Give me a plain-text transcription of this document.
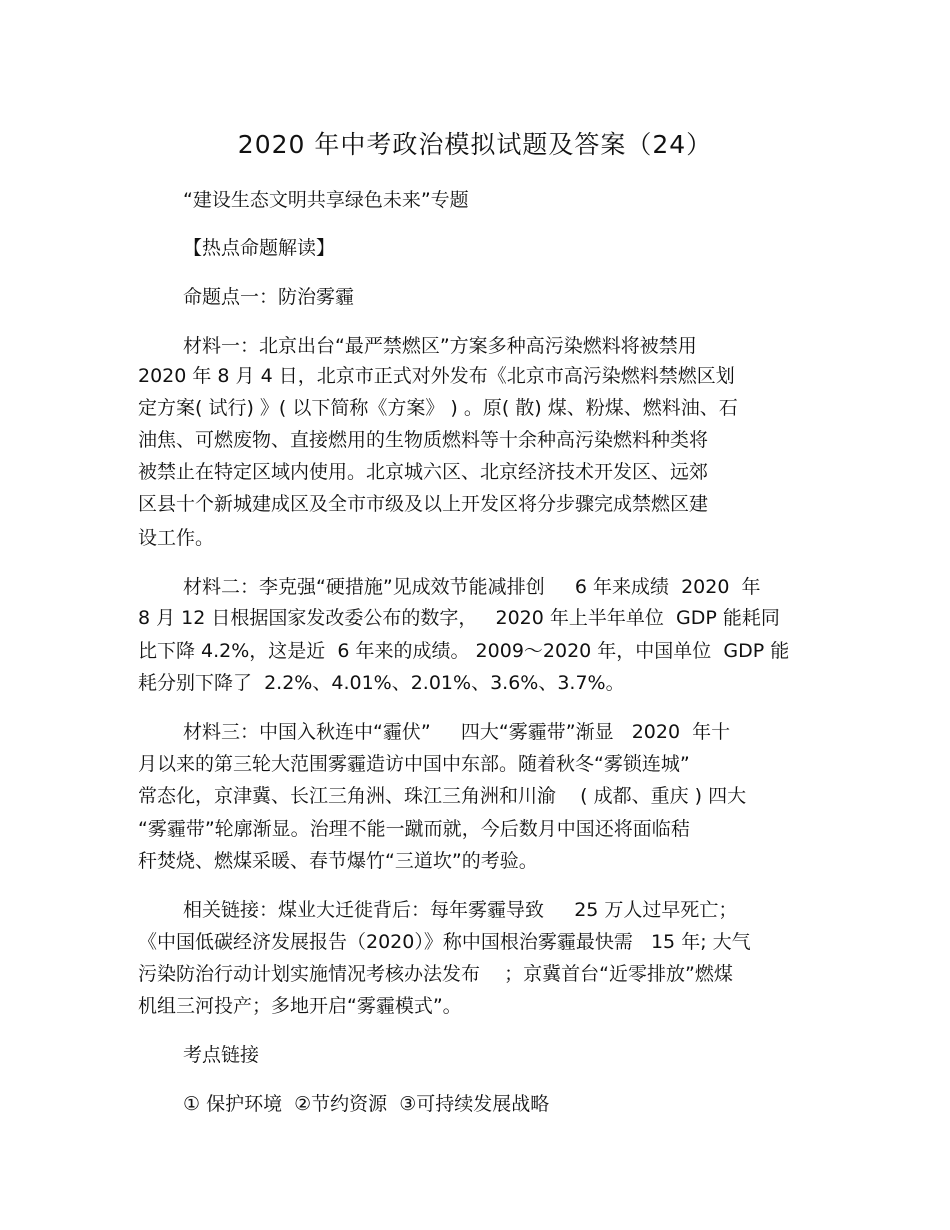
2020 年中考政治模拟试题及答案（24）
“建设生态文明共享绿色未来”专题
【热点命题解读】
命题点一：防治雾霾
材料一：北京出台“最严禁燃区”方案多种高污染燃料将被禁用
2020 年 8 月 4 日，北京市正式对外发布《北京市高污染燃料禁燃区划
定方案( 试行) 》( 以下简称《方案》 ) 。原( 散) 煤、粉煤、燃料油、石
油焦、可燃废物、直接燃用的生物质燃料等十余种高污染燃料种类将
被禁止在特定区域内使用。北京城六区、北京经济技术开发区、远郊
区县十个新城建成区及全市市级及以上开发区将分步骤完成禁燃区建
设工作。
材料二：李克强“硬措施”见成效节能减排创     6 年来成绩  2020  年
8 月 12 日根据国家发改委公布的数字，   2020 年上半年单位  GDP 能耗同
比下降 4.2%，这是近  6 年来的成绩。 2009～2020 年，中国单位  GDP 能
耗分别下降了  2.2%、4.01%、2.01%、3.6%、3.7%。
材料三：中国入秋连中“霾伏”     四大“雾霾带”渐显   2020  年十
月以来的第三轮大范围雾霾造访中国中东部。随着秋冬“雾锁连城”
常态化，京津冀、长江三角洲、珠江三角洲和川渝    ( 成都、重庆 ) 四大
“雾霾带”轮廓渐显。治理不能一蹴而就，今后数月中国还将面临秸
秆焚烧、燃煤采暖、春节爆竹“三道坎”的考验。
相关链接：煤业大迁徙背后：每年雾霾导致     25 万人过早死亡；
《中国低碳经济发展报告（2020）》称中国根治雾霾最快需   15 年; 大气
污染防治行动计划实施情况考核办法发布    ；京冀首台“近零排放”燃煤
机组三河投产；多地开启“雾霾模式”。
考点链接
① 保护环境  ②节约资源  ③可持续发展战略
